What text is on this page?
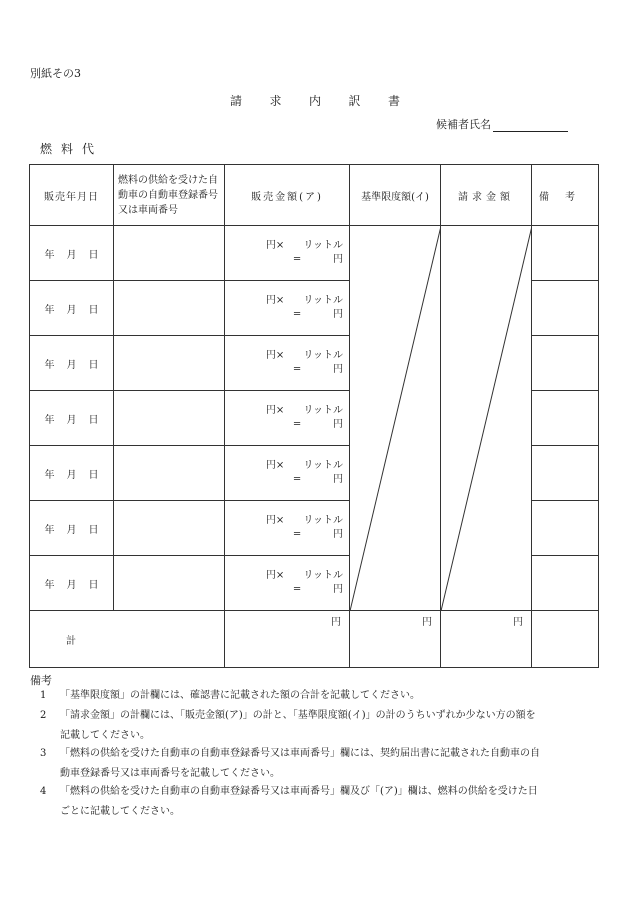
別紙その3
請 求 内 訳 書
候補者氏名
燃料代
販売年月日	燃料の供給を受けた自動車の自動車登録番号又は車両番号	販売金額(ア)	基準限度額(イ)	請求金額	備考
年 月 日		円× リットル
= 円

年 月 日		円× リットル
= 円			

年 月 日		円× リットル
= 円			

年 月 日		円× リットル
= 円			

年 月 日		円× リットル
= 円			

年 月 日		円× リットル
= 円			

年 月 日		円× リットル
= 円			

計		円	円	円	
備考
1 「基準限度額」の計欄には、確認書に記載された額の合計を記載してください。
2 「請求金額」の計欄には、「販売金額(ア)」の計と、「基準限度額(イ)」の計のうちいずれか少ない方の額を
記載してください。
3 「燃料の供給を受けた自動車の自動車登録番号又は車両番号」欄には、契約届出書に記載された自動車の自
動車登録番号又は車両番号を記載してください。
4 「燃料の供給を受けた自動車の自動車登録番号又は車両番号」欄及び「(ア)」欄は、燃料の供給を受けた日
ごとに記載してください。
